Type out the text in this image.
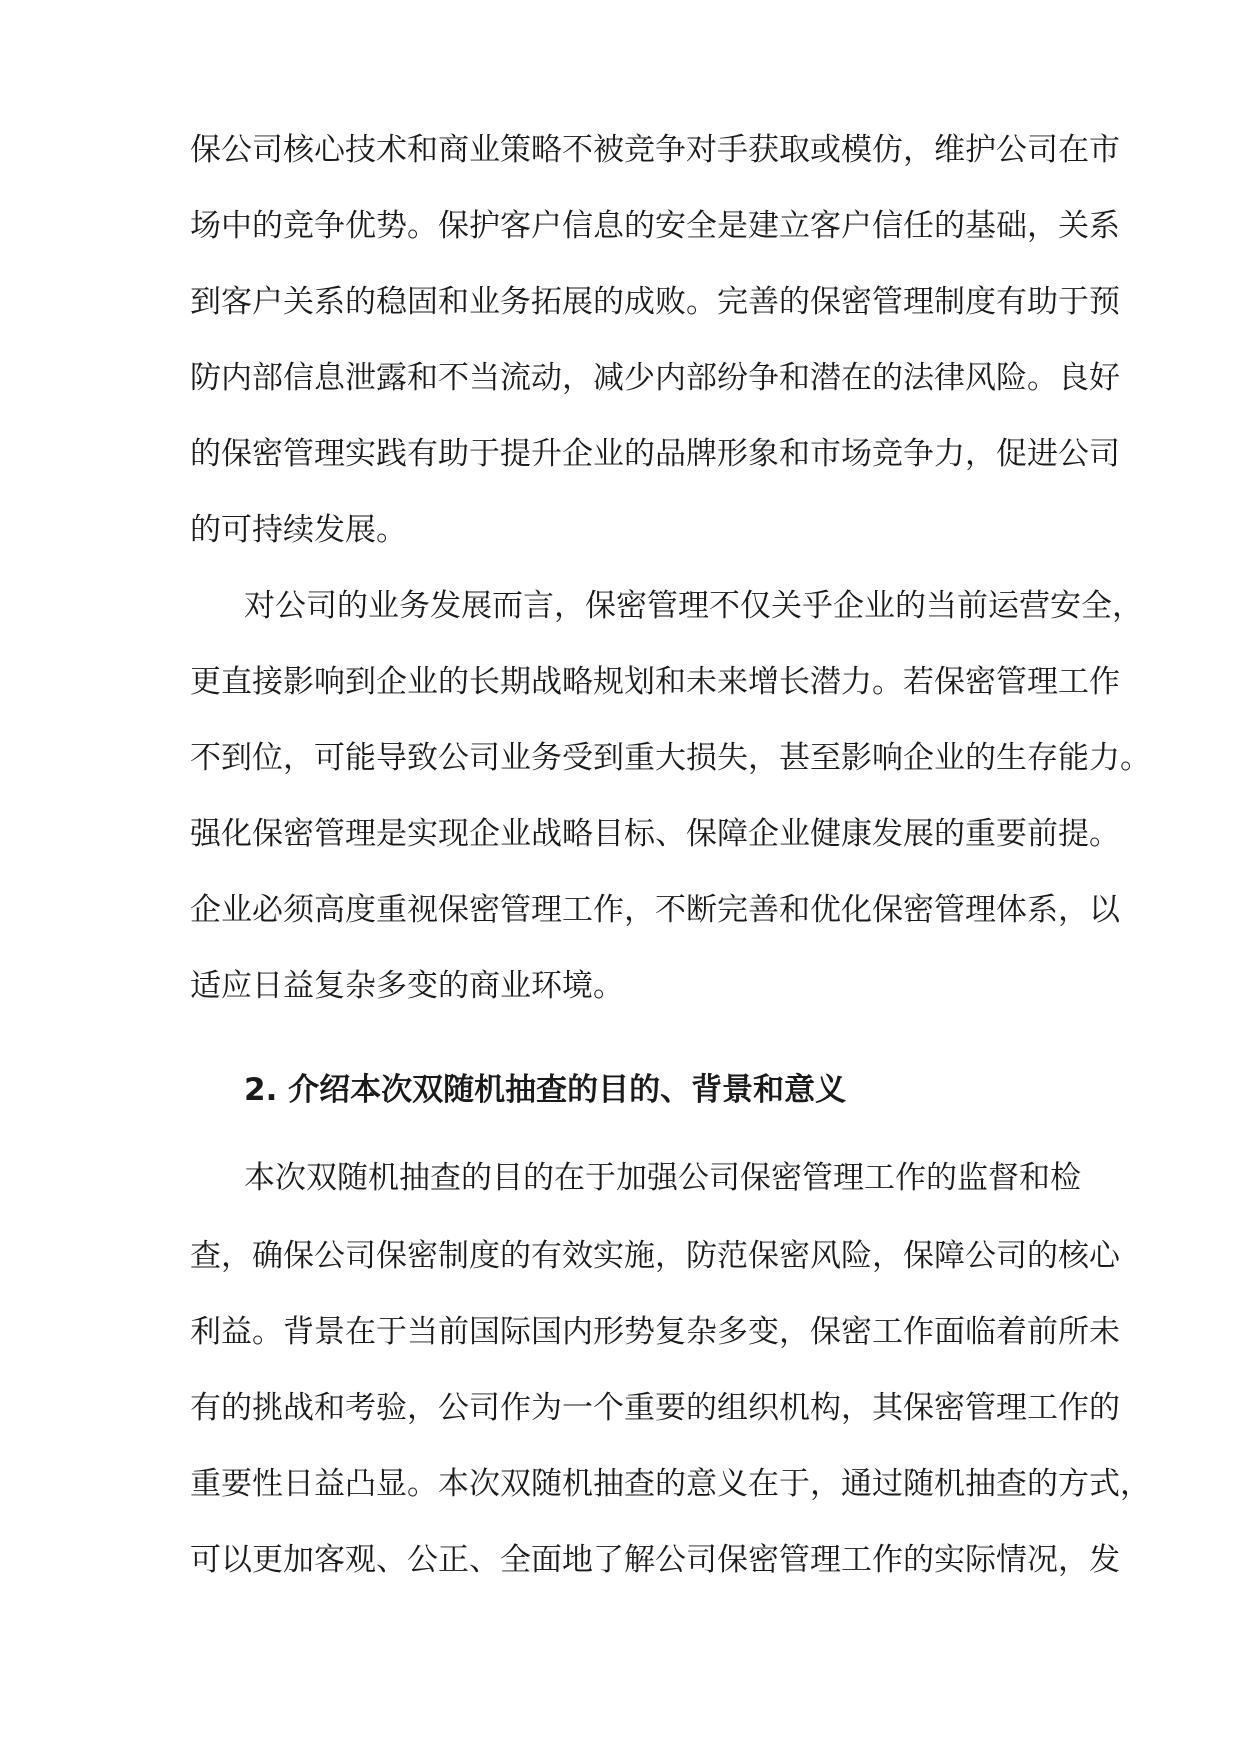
保公司核心技术和商业策略不被竞争对手获取或模仿，维护公司在市
场中的竞争优势。保护客户信息的安全是建立客户信任的基础，关系
到客户关系的稳固和业务拓展的成败。完善的保密管理制度有助于预
防内部信息泄露和不当流动，减少内部纷争和潜在的法律风险。良好
的保密管理实践有助于提升企业的品牌形象和市场竞争力，促进公司
的可持续发展。
对公司的业务发展而言，保密管理不仅关乎企业的当前运营安全，
更直接影响到企业的长期战略规划和未来增长潜力。若保密管理工作
不到位，可能导致公司业务受到重大损失，甚至影响企业的生存能力。
强化保密管理是实现企业战略目标、保障企业健康发展的重要前提。
企业必须高度重视保密管理工作，不断完善和优化保密管理体系，以
适应日益复杂多变的商业环境。
2. 介绍本次双随机抽查的目的、背景和意义
本次双随机抽查的目的在于加强公司保密管理工作的监督和检
查，确保公司保密制度的有效实施，防范保密风险，保障公司的核心
利益。背景在于当前国际国内形势复杂多变，保密工作面临着前所未
有的挑战和考验，公司作为一个重要的组织机构，其保密管理工作的
重要性日益凸显。本次双随机抽查的意义在于，通过随机抽查的方式，
可以更加客观、公正、全面地了解公司保密管理工作的实际情况，发
